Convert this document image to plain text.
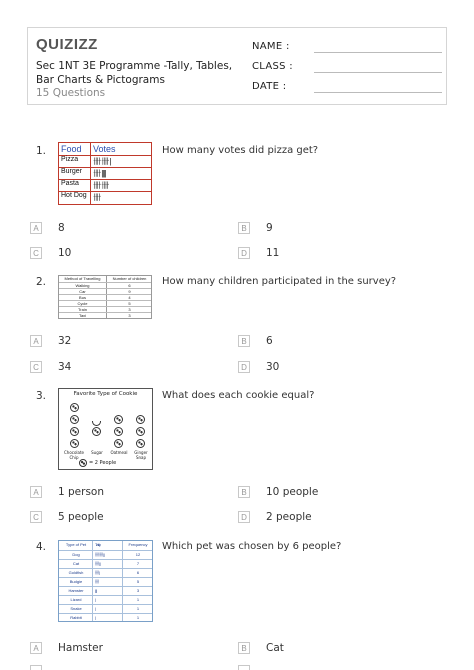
QUIZIZZ
Sec 1NT 3E Programme -Tally, Tables, Bar Charts & Pictograms
15 Questions
NAME :
CLASS :
DATE :
1. Food Votes
Pizza 卌 卌 |
Burger 卌 ||||
Pasta 卌 卌
Hot Dog 卌
How many votes did pizza get?
A	8	B	9
C 10	D 11
2.	Method of Travelling	Number of children
Walking	6
Car	9
Bus	4
Cycle	5
Train	3
Taxi	3
How many children participated in the survey?
A	32	B	6
C 34	D 30
3.	Favorite Type of Cookie
Chocolate Chip
Sugar	Oatmeal	Ginger Snap
= 2 People
What does each cookie equal?
A	1 person	B	10 people
C 5 people	D 2 people
4.	Type of Pet	Tally	Frequency
Dog	卌 卌 ||	12
Cat	卌 ||	7
Goldfish	卌 |	6
Budgie	卌	5
Hamster	|||	3
Lizard	|	1
Snake	|	1
Rabbit	|	1
Which pet was chosen by 6 people?
A	Hamster	B	Cat
